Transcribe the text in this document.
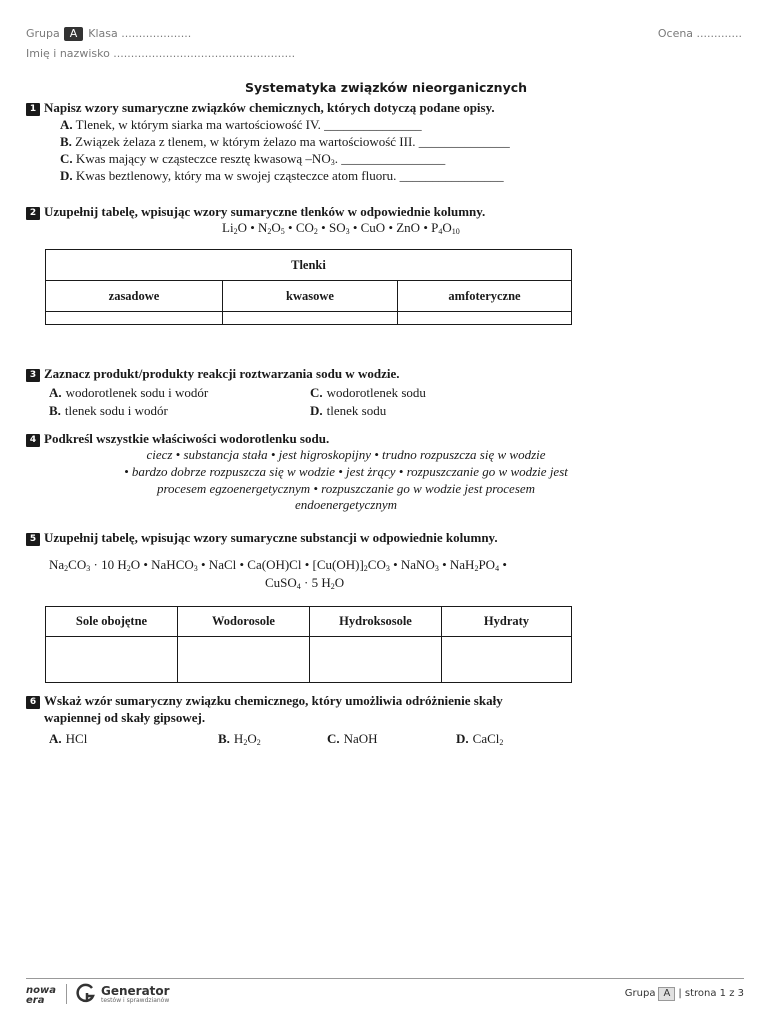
Grupa A Klasa ....................
Imię i nazwisko ....................................................
Ocena .............
Systematyka związków nieorganicznych
1 Napisz wzory sumaryczne związków chemicznych, których dotyczą podane opisy.
A. Tlenek, w którym siarka ma wartościowość IV. _______________
B. Związek żelaza z tlenem, w którym żelazo ma wartościowość III. ______________
C. Kwas mający w cząsteczce resztę kwasową $-NO_3$. ________________
D. Kwas beztlenowy, który ma w swojej cząsteczce atom fluoru. ________________
2 Uzupełnij tabelę, wpisując wzory sumaryczne tlenków w odpowiednie kolumny.
$Li_2O$ • $N_2O_5$ • $CO_2$ • $SO_3$ • CuO • ZnO • $P_4O_{10}$
Tlenki		
zasadowe	kwasowe	amfoteryczne

3 Zaznacz produkt/produkty reakcji roztwarzania sodu w wodzie.
A. wodorotlenek sodu i wodór
B. tlenek sodu i wodór
C. wodorotlenek sodu
D. tlenek sodu
4 Podkreśl wszystkie właściwości wodorotlenku sodu.
ciecz • substancja stała • jest higroskopijny • trudno rozpuszcza się w wodzie
• bardzo dobrze rozpuszcza się w wodzie • jest żrący • rozpuszczanie go w wodzie jest
procesem egzoenergetycznym • rozpuszczanie go w wodzie jest procesem
endoenergetycznym
5 Uzupełnij tabelę, wpisując wzory sumaryczne substancji w odpowiednie kolumny.
$Na_2CO_3 \cdot 10$ $H_2O$ • NaHCO$_3$ • NaCl • Ca(OH)Cl • $[Cu(OH)]_2CO_3$ • NaNO$_3$ • $NaH_2PO_4$ •
CuSO$_4$ · 5 $H_2O$
Sole obojętne	Wodorosole	Hydroksosole	Hydraty

6 Wskaż wzór sumaryczny związku chemicznego, który umożliwia odróżnienie skały
wapiennej od skały gipsowej.
A. HCl	B. $H_2O_2$	C. NaOH	D. CaCl$_2$
nowa
era
Generator
testów i sprawdzianów
Grupa A | strona 1 z 3
